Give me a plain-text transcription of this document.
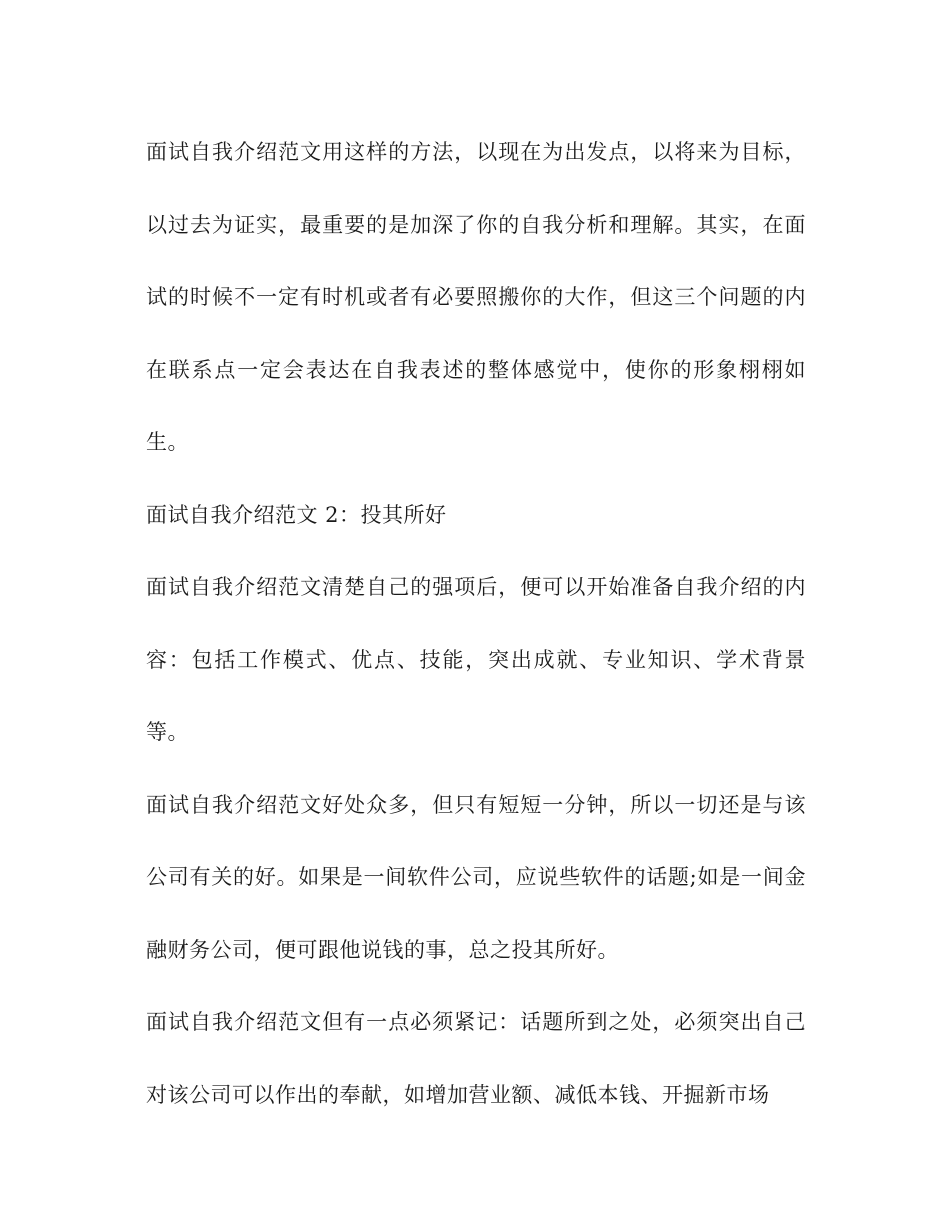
面试自我介绍范文用这样的方法，以现在为出发点，以将来为目标，以过去为证实，最重要的是加深了你的自我分析和理解。其实，在面试的时候不一定有时机或者有必要照搬你的大作，但这三个问题的内在联系点一定会表达在自我表述的整体感觉中，使你的形象栩栩如生。

面试自我介绍范文 2：投其所好

面试自我介绍范文清楚自己的强项后，便可以开始准备自我介绍的内容：包括工作模式、优点、技能，突出成就、专业知识、学术背景等。

面试自我介绍范文好处众多，但只有短短一分钟，所以一切还是与该公司有关的好。如果是一间软件公司，应说些软件的话题;如是一间金融财务公司，便可跟他说钱的事，总之投其所好。

面试自我介绍范文但有一点必须紧记：话题所到之处，必须突出自己对该公司可以作出的奉献，如增加营业额、减低本钱、开掘新市场
